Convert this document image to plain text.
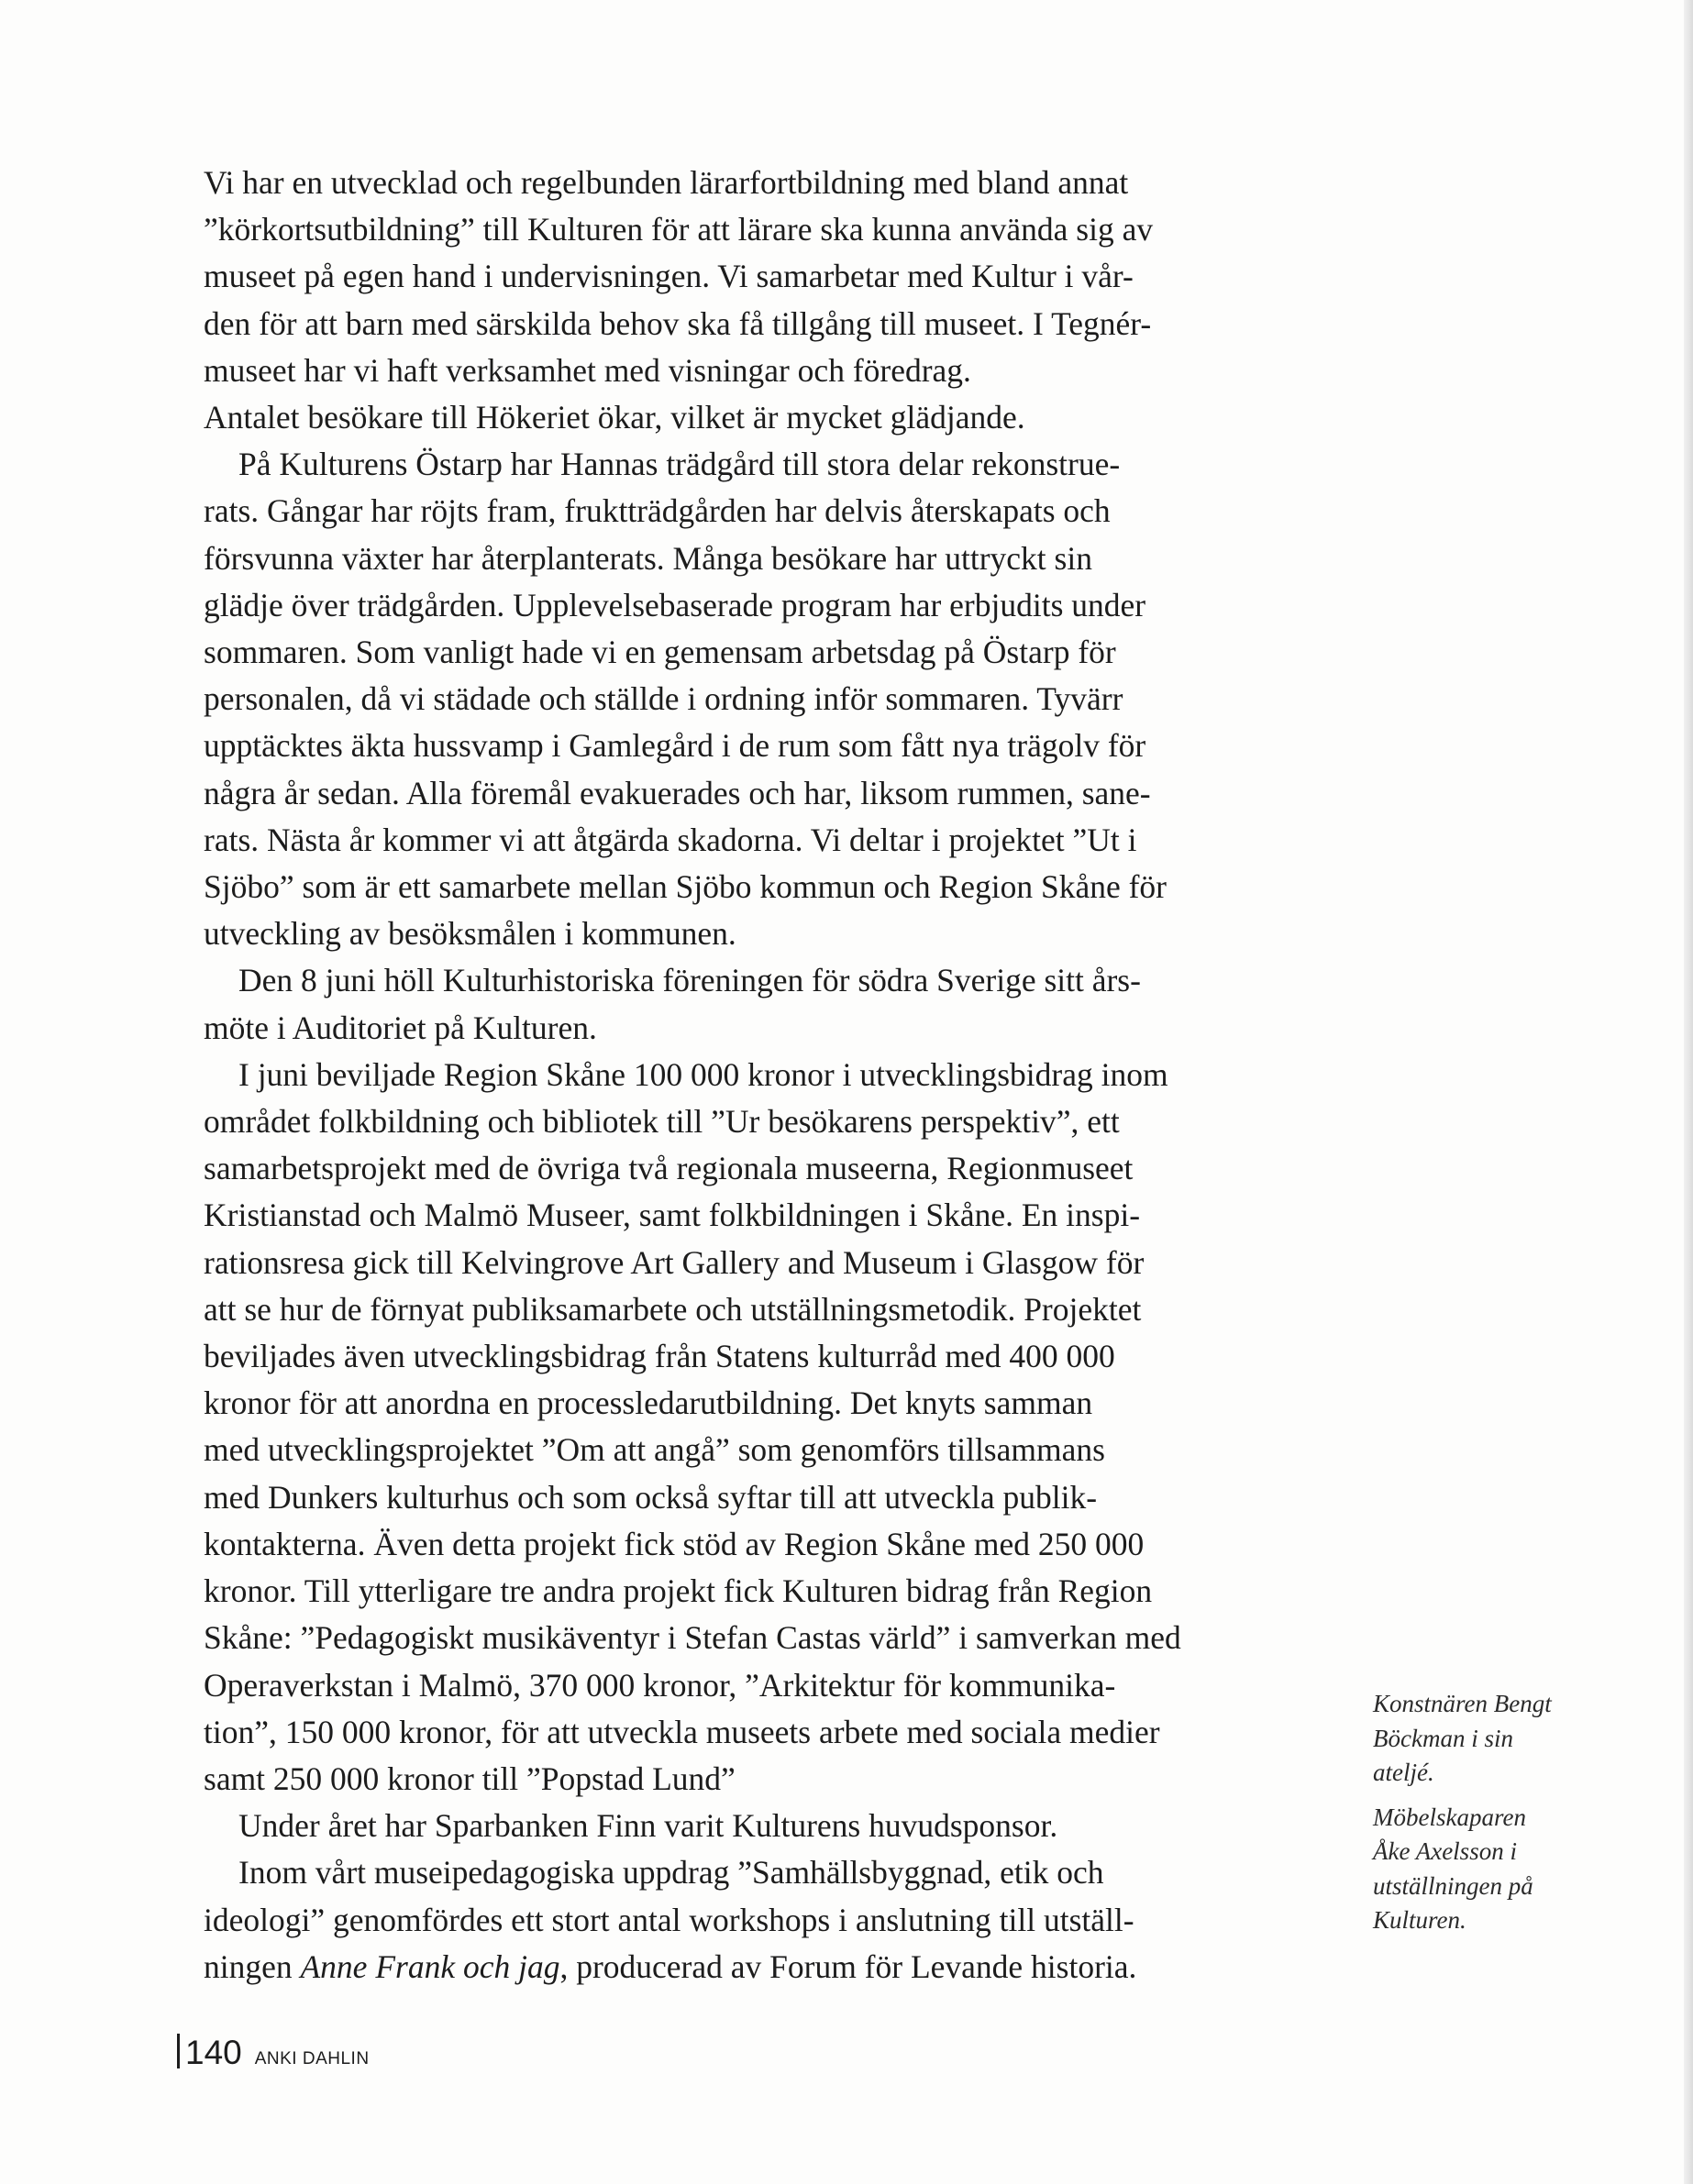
Vi har en utvecklad och regelbunden lärarfortbildning med bland annat
”körkortsutbildning” till Kulturen för att lärare ska kunna använda sig av
museet på egen hand i undervisningen. Vi samarbetar med Kultur i vår-
den för att barn med särskilda behov ska få tillgång till museet. I Tegnér-
museet har vi haft verksamhet med visningar och föredrag.
Antalet besökare till Hökeriet ökar, vilket är mycket glädjande.
På Kulturens Östarp har Hannas trädgård till stora delar rekonstrue-
rats. Gångar har röjts fram, fruktträdgården har delvis återskapats och
försvunna växter har återplanterats. Många besökare har uttryckt sin
glädje över trädgården. Upplevelsebaserade program har erbjudits under
sommaren. Som vanligt hade vi en gemensam arbetsdag på Östarp för
personalen, då vi städade och ställde i ordning inför sommaren. Tyvärr
upptäcktes äkta hussvamp i Gamlegård i de rum som fått nya trägolv för
några år sedan. Alla föremål evakuerades och har, liksom rummen, sane-
rats. Nästa år kommer vi att åtgärda skadorna. Vi deltar i projektet ”Ut i
Sjöbo” som är ett samarbete mellan Sjöbo kommun och Region Skåne för
utveckling av besöksmålen i kommunen.
Den 8 juni höll Kulturhistoriska föreningen för södra Sverige sitt års-
möte i Auditoriet på Kulturen.
I juni beviljade Region Skåne 100 000 kronor i utvecklingsbidrag inom
området folkbildning och bibliotek till ”Ur besökarens perspektiv”, ett
samarbetsprojekt med de övriga två regionala museerna, Regionmuseet
Kristianstad och Malmö Museer, samt folkbildningen i Skåne. En inspi-
rationsresa gick till Kelvingrove Art Gallery and Museum i Glasgow för
att se hur de förnyat publiksamarbete och utställningsmetodik. Projektet
beviljades även utvecklingsbidrag från Statens kulturråd med 400 000
kronor för att anordna en processledarutbildning. Det knyts samman
med utvecklingsprojektet ”Om att angå” som genomförs tillsammans
med Dunkers kulturhus och som också syftar till att utveckla publik-
kontakterna. Även detta projekt fick stöd av Region Skåne med 250 000
kronor. Till ytterligare tre andra projekt fick Kulturen bidrag från Region
Skåne: ”Pedagogiskt musikäventyr i Stefan Castas värld” i samverkan med
Operaverkstan i Malmö, 370 000 kronor, ”Arkitektur för kommunika-
tion”, 150 000 kronor, för att utveckla museets arbete med sociala medier
samt 250 000 kronor till ”Popstad Lund”
Under året har Sparbanken Finn varit Kulturens huvudsponsor.
Inom vårt museipedagogiska uppdrag ”Samhällsbyggnad, etik och
ideologi” genomfördes ett stort antal workshops i anslutning till utställ-
ningen Anne Frank och jag, producerad av Forum för Levande historia.
Konstnären Bengt
Böckman i sin
ateljé.
Möbelskaparen
Åke Axelsson i
utställningen på
Kulturen.
140 ANKI DAHLIN
